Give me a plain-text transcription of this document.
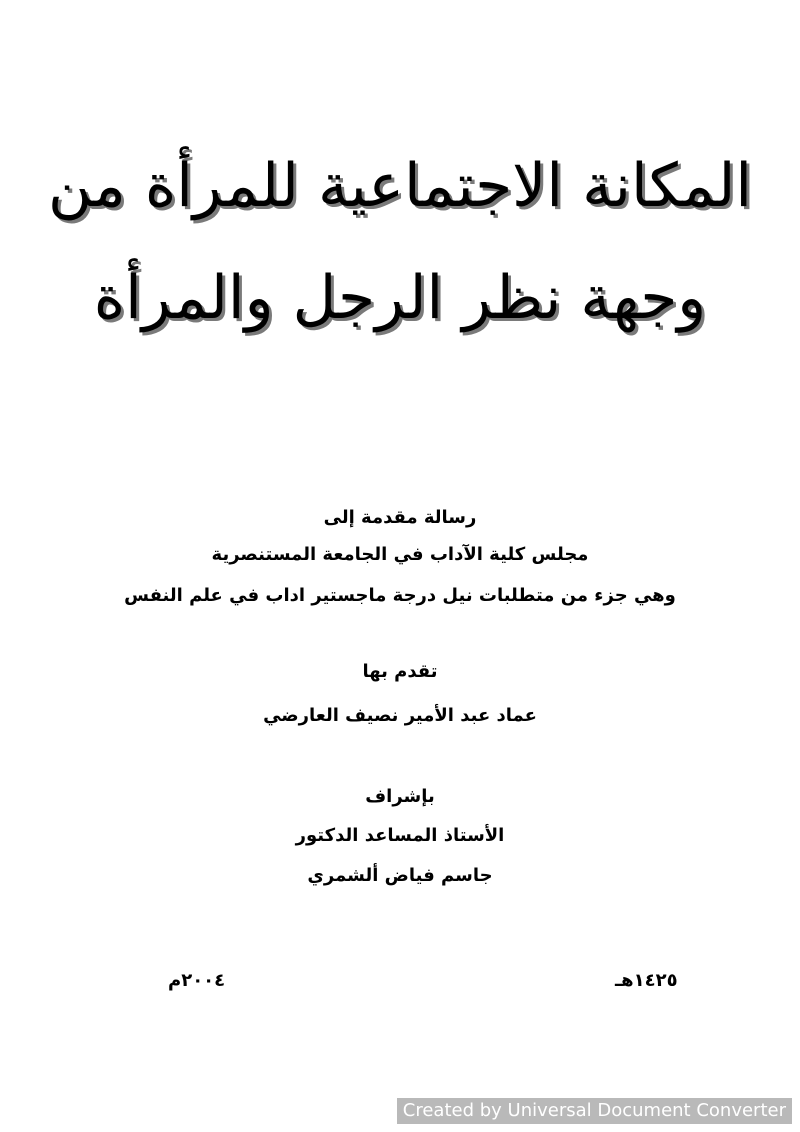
المكانة الاجتماعية للمرأة من
وجهة نظر الرجل والمرأة
رسالة مقدمة إلى
مجلس كلية الآداب في الجامعة المستنصرية
وهي جزء من متطلبات نيل درجة ماجستير اداب في علم النفس
تقدم بها
عماد عبد الأمير نصيف العارضي
بإشراف
الأستاذ المساعد الدكتور
جاسم فياض ألشمري
١٤٢٥هـ
٢٠٠٤م
Created by Universal Document Converter
